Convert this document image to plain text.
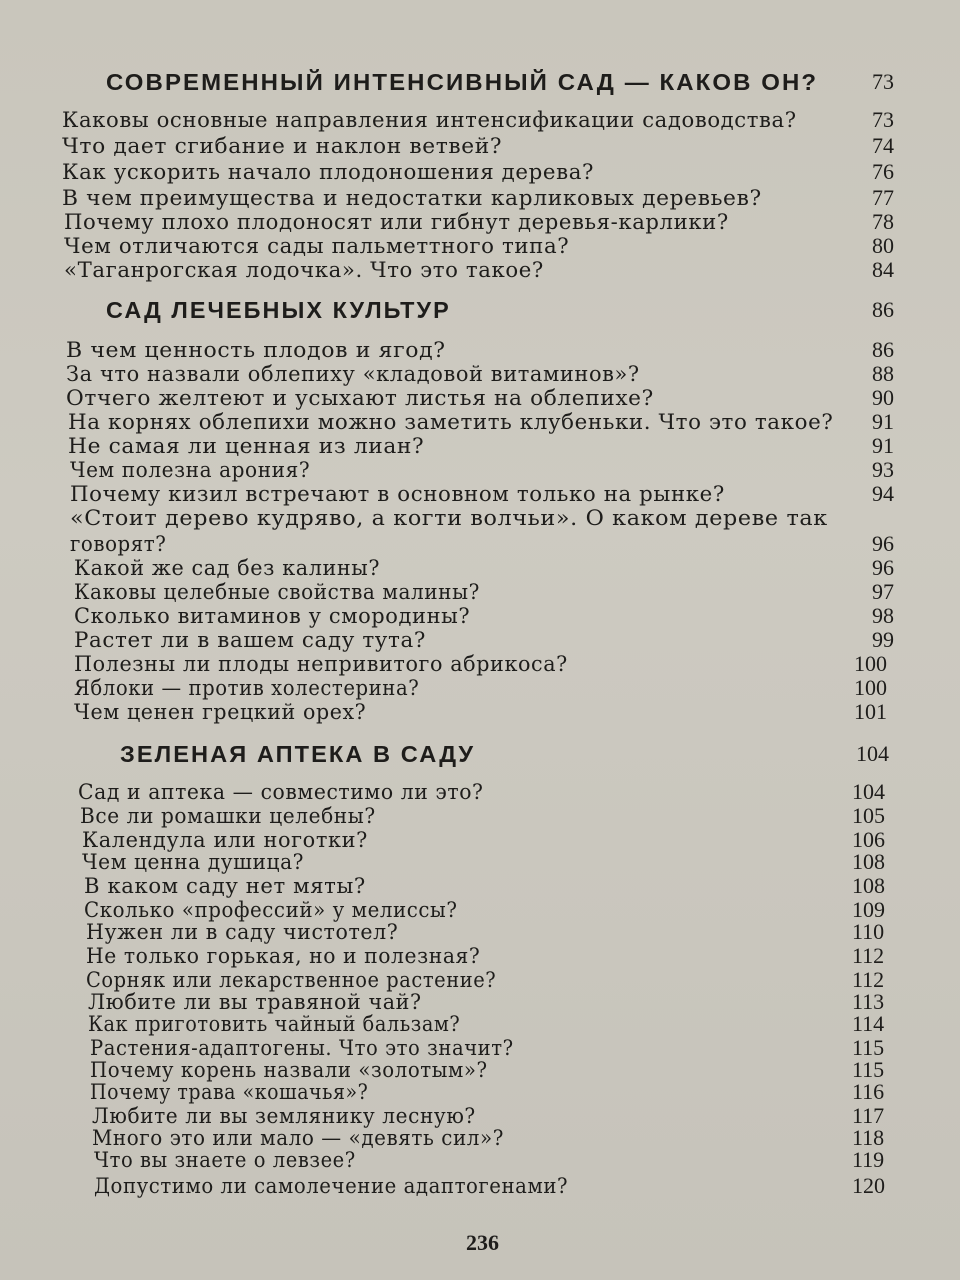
СОВРЕМЕННЫЙ ИНТЕНСИВНЫЙ САД — КАКОВ ОН? 73
Каковы основные направления интенсификации садоводства?	73
Что дает сгибание и наклон ветвей?	74
Как ускорить начало плодоношения дерева?	76
В чем преимущества и недостатки карликовых деревьев?	77
Почему плохо плодоносят или гибнут деревья-карлики?	78
Чем отличаются сады пальметтного типа?	80
«Таганрогская лодочка». Что это такое?	84
САД ЛЕЧЕБНЫХ КУЛЬТУР	86
В чем ценность плодов и ягод?	86
За что назвали облепиху «кладовой витаминов»?	88
Отчего желтеют и усыхают листья на облепихе?	90
На корнях облепихи можно заметить клубеньки. Что это такое? 91
Не самая ли ценная из лиан?	91
Чем полезна арония?	93
Почему кизил встречают в основном только на рынке?	94
«Стоит дерево кудряво, а когти волчьи». О каком дереве так
говорят?	96
Какой же сад без калины?	96
Каковы целебные свойства малины?	97
Сколько витаминов у смородины?	98
Растет ли в вашем саду тута?	99
Полезны ли плоды непривитого абрикоса?	100
Яблоки — против холестерина?	100
Чем ценен грецкий орех?	101
ЗЕЛЕНАЯ АПТЕКА В САДУ	104
Сад и аптека — совместимо ли это?	104
Все ли ромашки целебны?	105
Календула или ноготки?	106
Чем ценна душица?	108
В каком саду нет мяты?	108
Сколько «профессий» у мелиссы?	109
Нужен ли в саду чистотел?	110
Не только горькая, но и полезная?	112
Сорняк или лекарственное растение?	112
Любите ли вы травяной чай?	113
Как приготовить чайный бальзам?	114
Растения-адаптогены. Что это значит?	115
Почему корень назвали «золотым»?	115
Почему трава «кошачья»?	116
Любите ли вы землянику лесную?	117
Много это или мало — «девять сил»?	118
Что вы знаете о левзее?	119
Допустимо ли самолечение адаптогенами?	120
236
